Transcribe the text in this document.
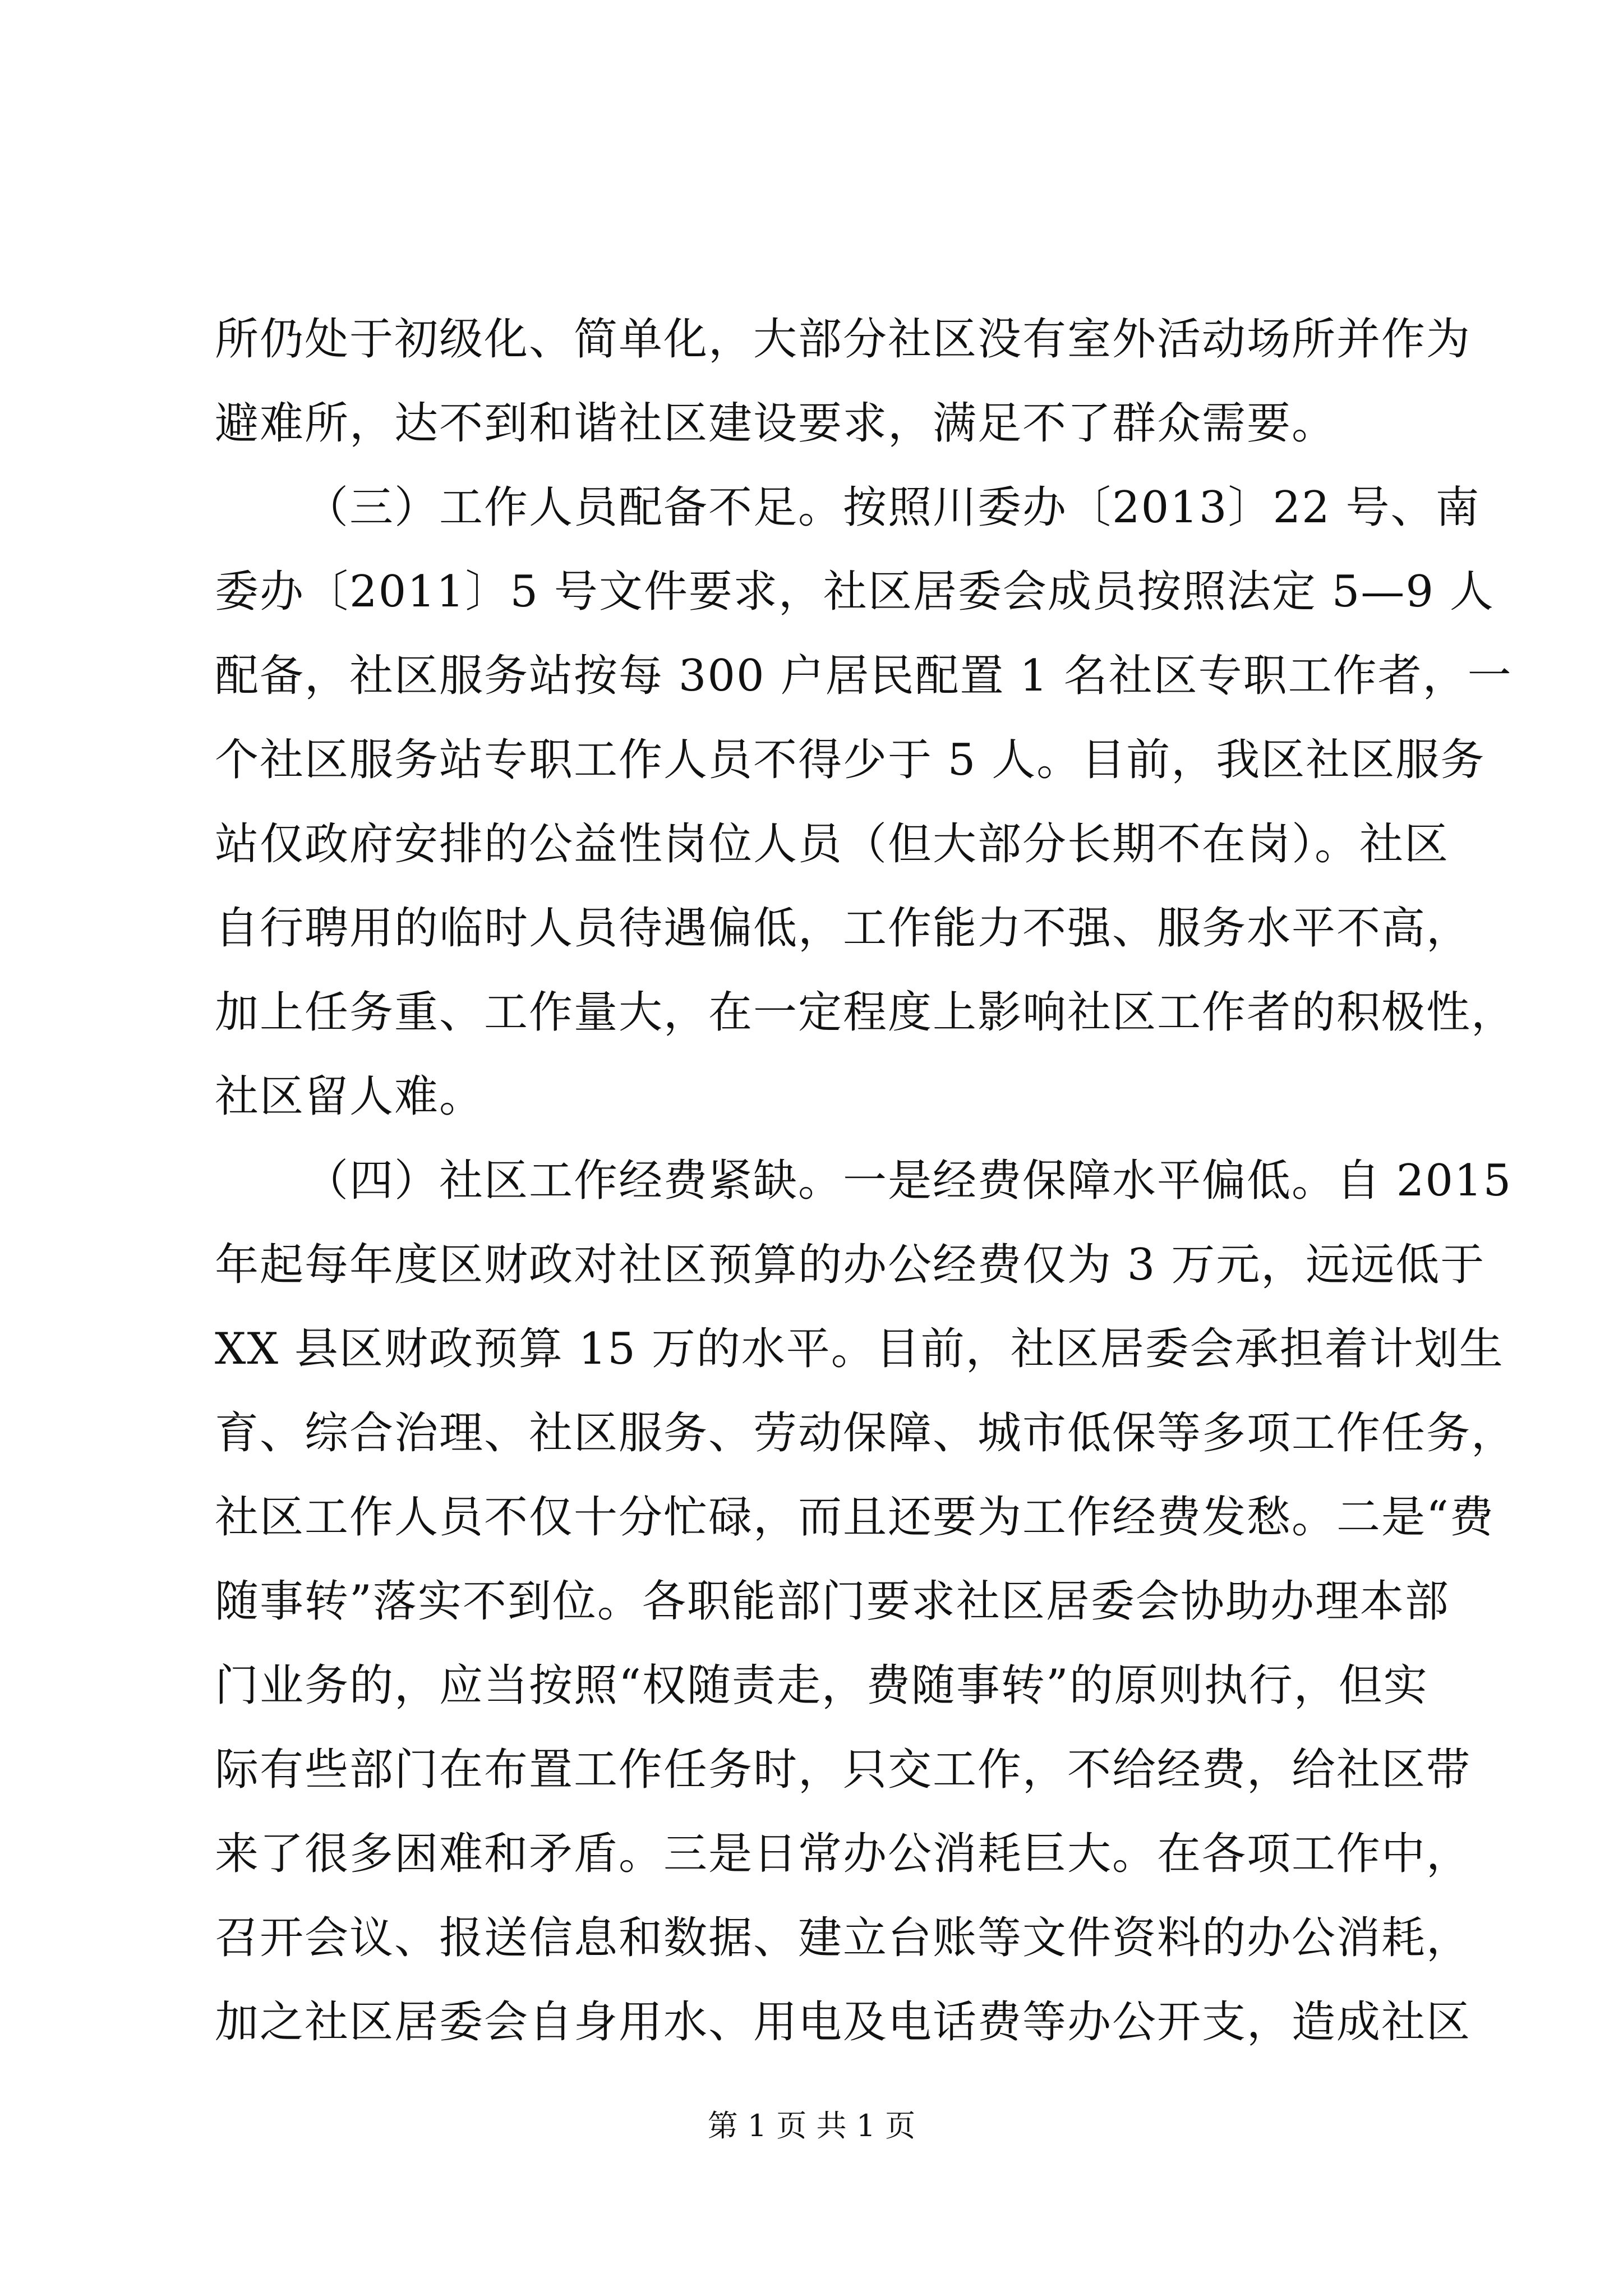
所仍处于初级化、简单化，大部分社区没有室外活动场所并作为
避难所，达不到和谐社区建设要求，满足不了群众需要。
（三）工作人员配备不足。按照川委办〔2013〕22 号、南
委办〔2011〕5 号文件要求，社区居委会成员按照法定 5—9 人
配备，社区服务站按每 300 户居民配置 1 名社区专职工作者，一
个社区服务站专职工作人员不得少于 5 人。目前，我区社区服务
站仅政府安排的公益性岗位人员（但大部分长期不在岗）。社区
自行聘用的临时人员待遇偏低，工作能力不强、服务水平不高，
加上任务重、工作量大，在一定程度上影响社区工作者的积极性，
社区留人难。
（四）社区工作经费紧缺。一是经费保障水平偏低。自 2015
年起每年度区财政对社区预算的办公经费仅为 3 万元，远远低于
XX 县区财政预算 15 万的水平。目前，社区居委会承担着计划生
育、综合治理、社区服务、劳动保障、城市低保等多项工作任务，
社区工作人员不仅十分忙碌，而且还要为工作经费发愁。二是“费
随事转”落实不到位。各职能部门要求社区居委会协助办理本部
门业务的，应当按照“权随责走，费随事转”的原则执行，但实
际有些部门在布置工作任务时，只交工作，不给经费，给社区带
来了很多困难和矛盾。三是日常办公消耗巨大。在各项工作中，
召开会议、报送信息和数据、建立台账等文件资料的办公消耗，
加之社区居委会自身用水、用电及电话费等办公开支，造成社区
第 1 页 共 1 页
